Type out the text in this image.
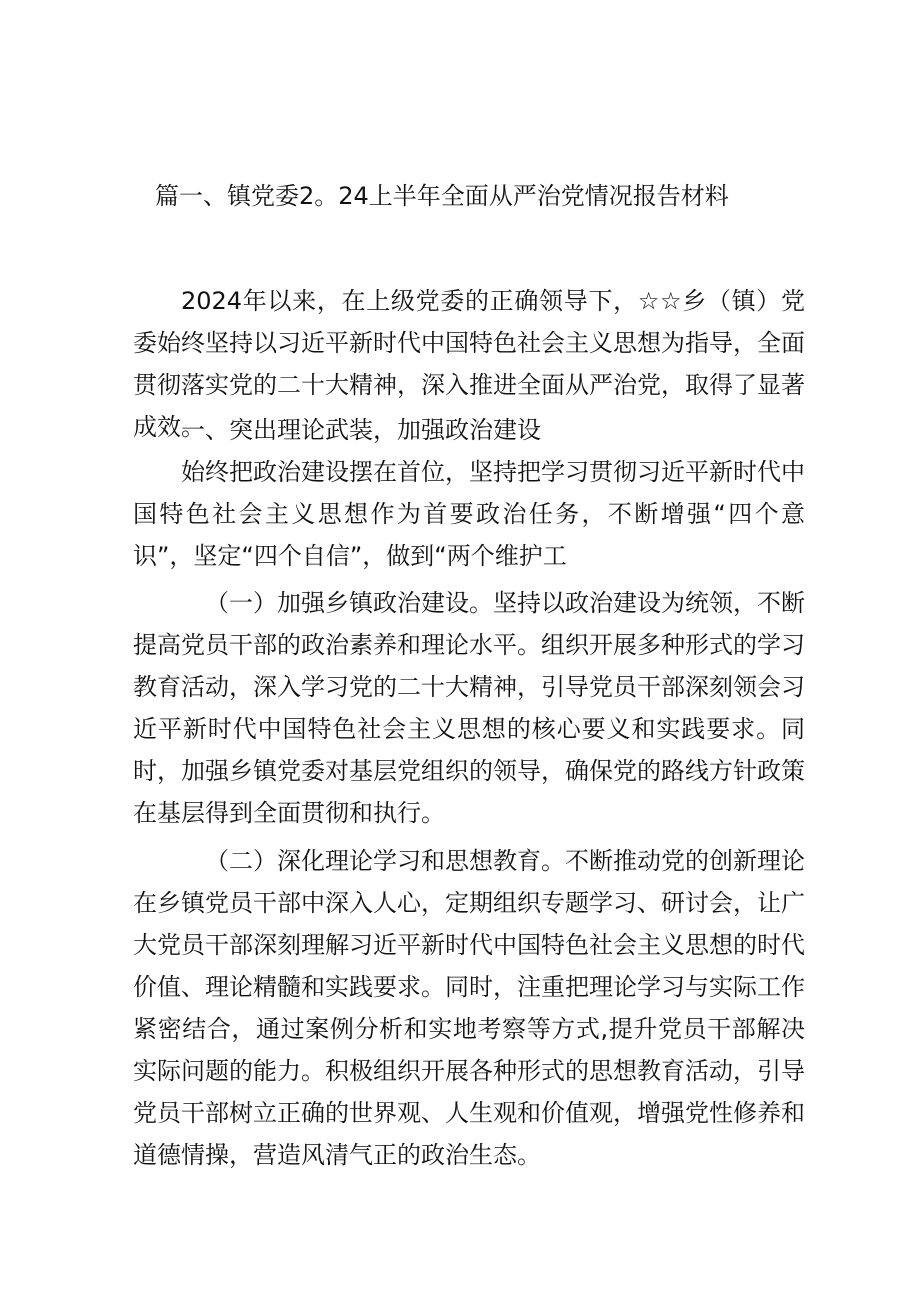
篇一、镇党委2。24上半年全面从严治党情况报告材料

2024年以来，在上级党委的正确领导下，☆☆乡（镇）党委始终坚持以习近平新时代中国特色社会主义思想为指导，全面贯彻落实党的二十大精神，深入推进全面从严治党，取得了显著成效。

一、突出理论武装，加强政治建设

始终把政治建设摆在首位，坚持把学习贯彻习近平新时代中国特色社会主义思想作为首要政治任务，不断增强“四个意识”，坚定“四个自信”，做到“两个维护工

（一）加强乡镇政治建设。坚持以政治建设为统领，不断提高党员干部的政治素养和理论水平。组织开展多种形式的学习教育活动，深入学习党的二十大精神，引导党员干部深刻领会习近平新时代中国特色社会主义思想的核心要义和实践要求。同时，加强乡镇党委对基层党组织的领导，确保党的路线方针政策在基层得到全面贯彻和执行。

（二）深化理论学习和思想教育。不断推动党的创新理论在乡镇党员干部中深入人心，定期组织专题学习、研讨会，让广大党员干部深刻理解习近平新时代中国特色社会主义思想的时代价值、理论精髓和实践要求。同时，注重把理论学习与实际工作紧密结合，通过案例分析和实地考察等方式,提升党员干部解决实际问题的能力。积极组织开展各种形式的思想教育活动，引导党员干部树立正确的世界观、人生观和价值观，增强党性修养和道德情操，营造风清气正的政治生态。
